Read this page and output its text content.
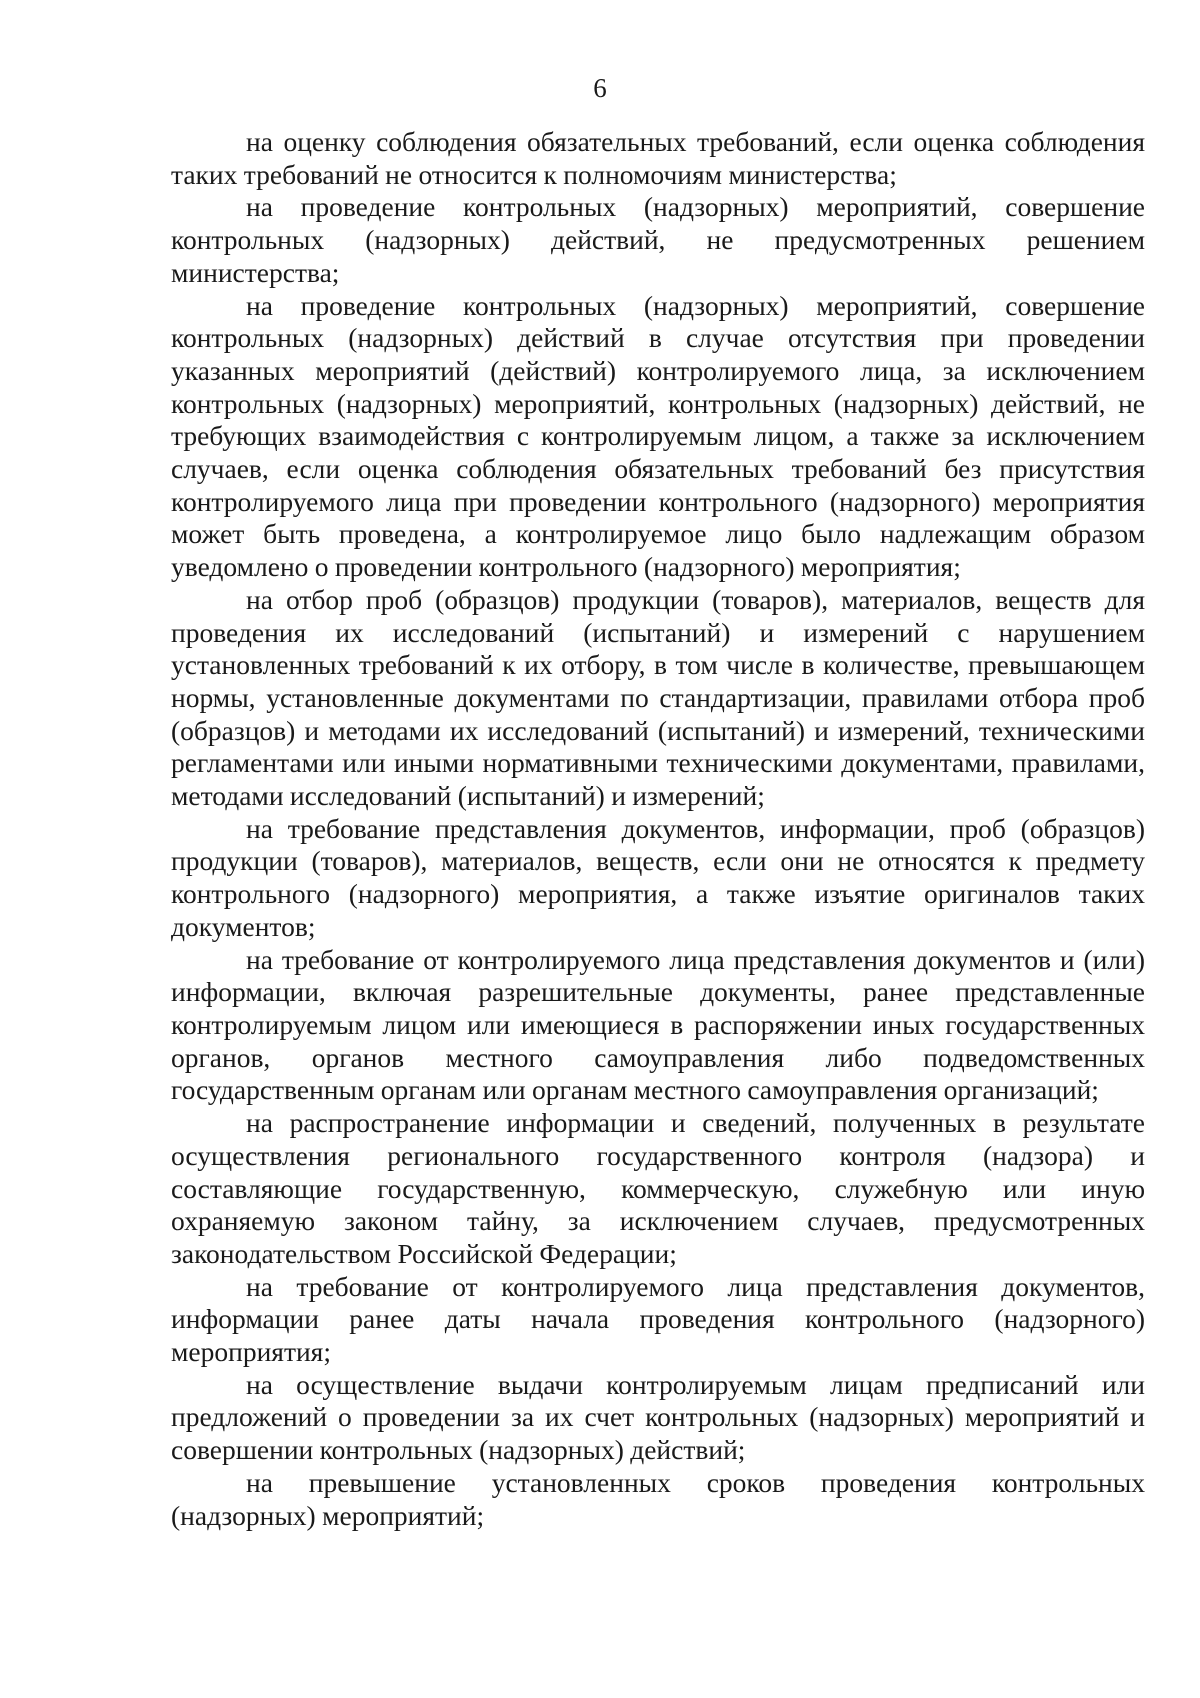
6

на оценку соблюдения обязательных требований, если оценка соблюдения таких требований не относится к полномочиям министерства;

на проведение контрольных (надзорных) мероприятий, совершение контрольных (надзорных) действий, не предусмотренных решением министерства;

на проведение контрольных (надзорных) мероприятий, совершение контрольных (надзорных) действий в случае отсутствия при проведении указанных мероприятий (действий) контролируемого лица, за исключением контрольных (надзорных) мероприятий, контрольных (надзорных) действий, не требующих взаимодействия с контролируемым лицом, а также за исключением случаев, если оценка соблюдения обязательных требований без присутствия контролируемого лица при проведении контрольного (надзорного) мероприятия может быть проведена, а контролируемое лицо было надлежащим образом уведомлено о проведении контрольного (надзорного) мероприятия;

на отбор проб (образцов) продукции (товаров), материалов, веществ для проведения их исследований (испытаний) и измерений с нарушением установленных требований к их отбору, в том числе в количестве, превышающем нормы, установленные документами по стандартизации, правилами отбора проб (образцов) и методами их исследований (испытаний) и измерений, техническими регламентами или иными нормативными техническими документами, правилами, методами исследований (испытаний) и измерений;

на требование представления документов, информации, проб (образцов) продукции (товаров), материалов, веществ, если они не относятся к предмету контрольного (надзорного) мероприятия, а также изъятие оригиналов таких документов;

на требование от контролируемого лица представления документов и (или) информации, включая разрешительные документы, ранее представленные контролируемым лицом или имеющиеся в распоряжении иных государственных органов, органов местного самоуправления либо подведомственных государственным органам или органам местного самоуправления организаций;

на распространение информации и сведений, полученных в результате осуществления регионального государственного контроля (надзора) и составляющие государственную, коммерческую, служебную или иную охраняемую законом тайну, за исключением случаев, предусмотренных законодательством Российской Федерации;

на требование от контролируемого лица представления документов, информации ранее даты начала проведения контрольного (надзорного) мероприятия;

на осуществление выдачи контролируемым лицам предписаний или предложений о проведении за их счет контрольных (надзорных) мероприятий и совершении контрольных (надзорных) действий;

на превышение установленных сроков проведения контрольных (надзорных) мероприятий;
